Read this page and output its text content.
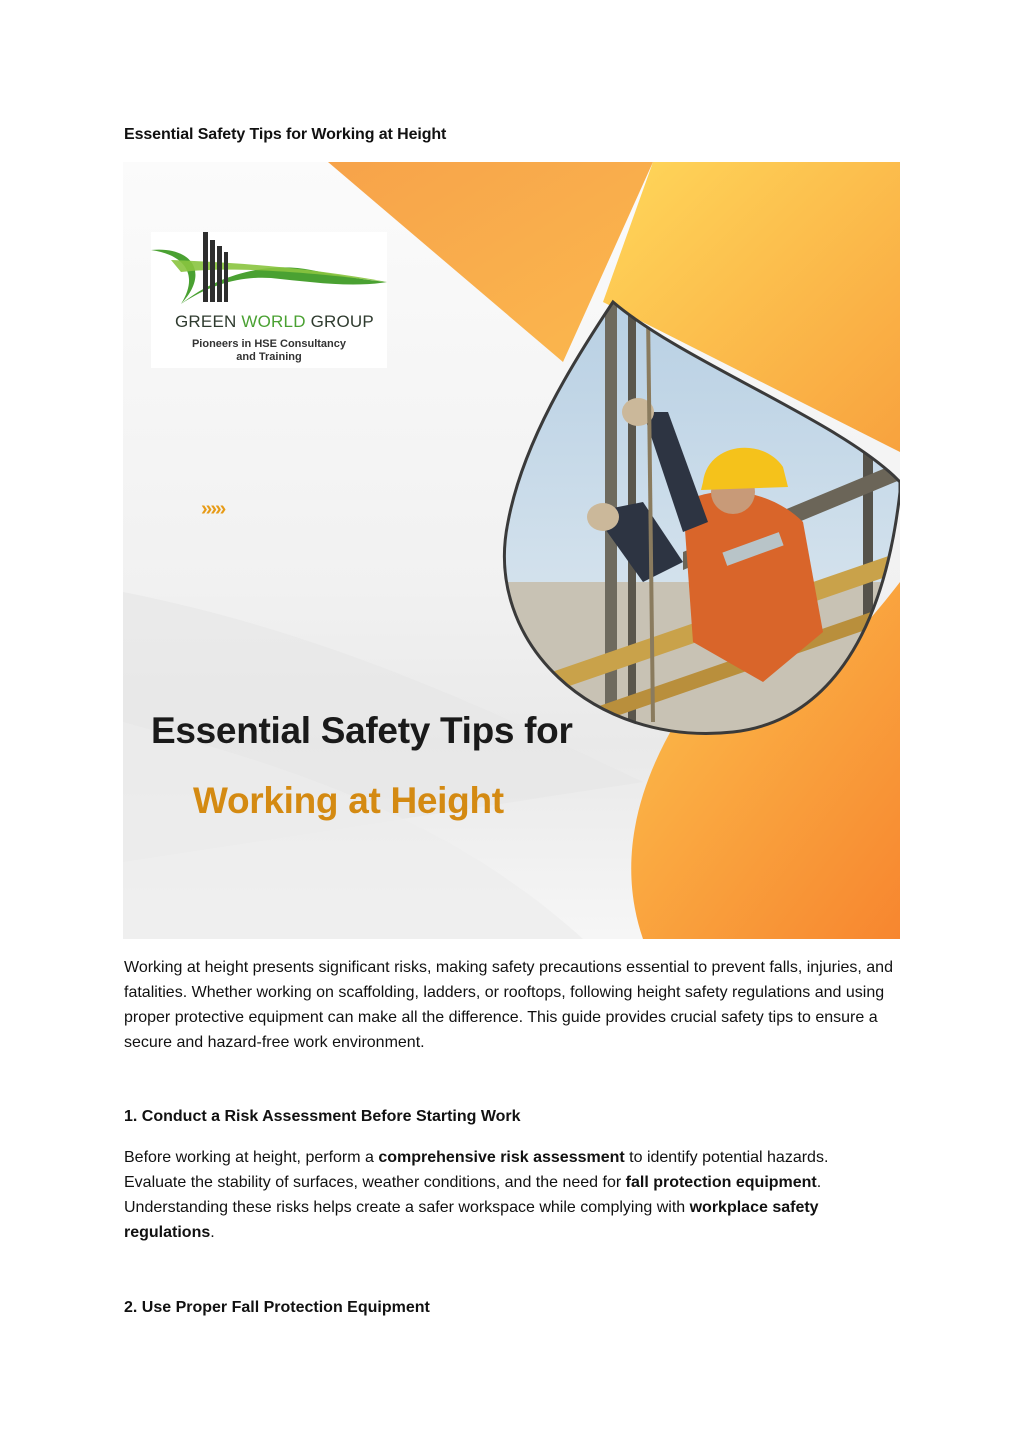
Essential Safety Tips for Working at Height
GREEN WORLD GROUP
Pioneers in HSE Consultancy
and Training
›››››
Essential Safety Tips for
Working at Height
Working at height presents significant risks, making safety precautions essential to prevent falls, injuries, and fatalities. Whether working on scaffolding, ladders, or rooftops, following height safety regulations and using proper protective equipment can make all the difference. This guide provides crucial safety tips to ensure a secure and hazard-free work environment.
1. Conduct a Risk Assessment Before Starting Work
Before working at height, perform a comprehensive risk assessment to identify potential hazards. Evaluate the stability of surfaces, weather conditions, and the need for fall protection equipment. Understanding these risks helps create a safer workspace while complying with workplace safety regulations.
2. Use Proper Fall Protection Equipment
